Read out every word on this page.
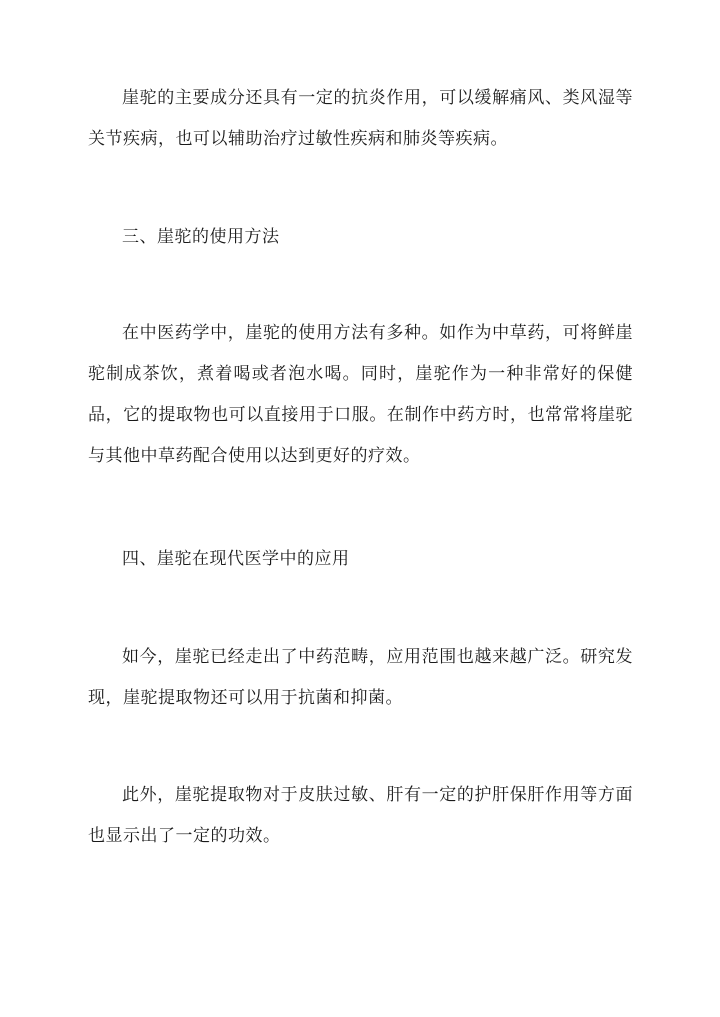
崖驼的主要成分还具有一定的抗炎作用，可以缓解痛风、类风湿等关节疾病，也可以辅助治疗过敏性疾病和肺炎等疾病。

三、崖驼的使用方法

在中医药学中，崖驼的使用方法有多种。如作为中草药，可将鲜崖驼制成茶饮，煮着喝或者泡水喝。同时，崖驼作为一种非常好的保健品，它的提取物也可以直接用于口服。在制作中药方时，也常常将崖驼与其他中草药配合使用以达到更好的疗效。

四、崖驼在现代医学中的应用

如今，崖驼已经走出了中药范畴，应用范围也越来越广泛。研究发现，崖驼提取物还可以用于抗菌和抑菌。

此外，崖驼提取物对于皮肤过敏、肝有一定的护肝保肝作用等方面也显示出了一定的功效。
